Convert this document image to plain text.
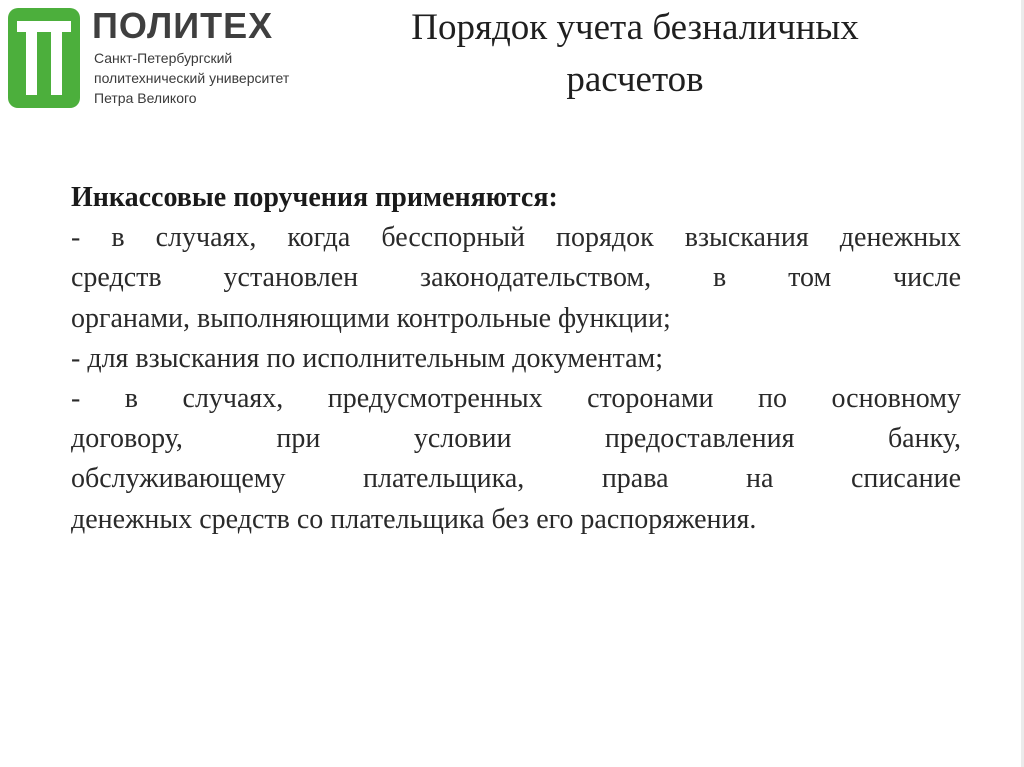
ПОЛИТЕХ
Санкт-Петербургский
политехнический университет
Петра Великого
Порядок учета безналичных
расчетов
Инкассовые поручения применяются:
- в случаях, когда бесспорный порядок взыскания денежных
средств установлен законодательством, в том числе
органами, выполняющими контрольные функции;
- для взыскания по исполнительным документам;
- в случаях, предусмотренных сторонами по основному
договору, при условии предоставления банку,
обслуживающему плательщика, права на списание
денежных средств со плательщика без его распоряжения.
